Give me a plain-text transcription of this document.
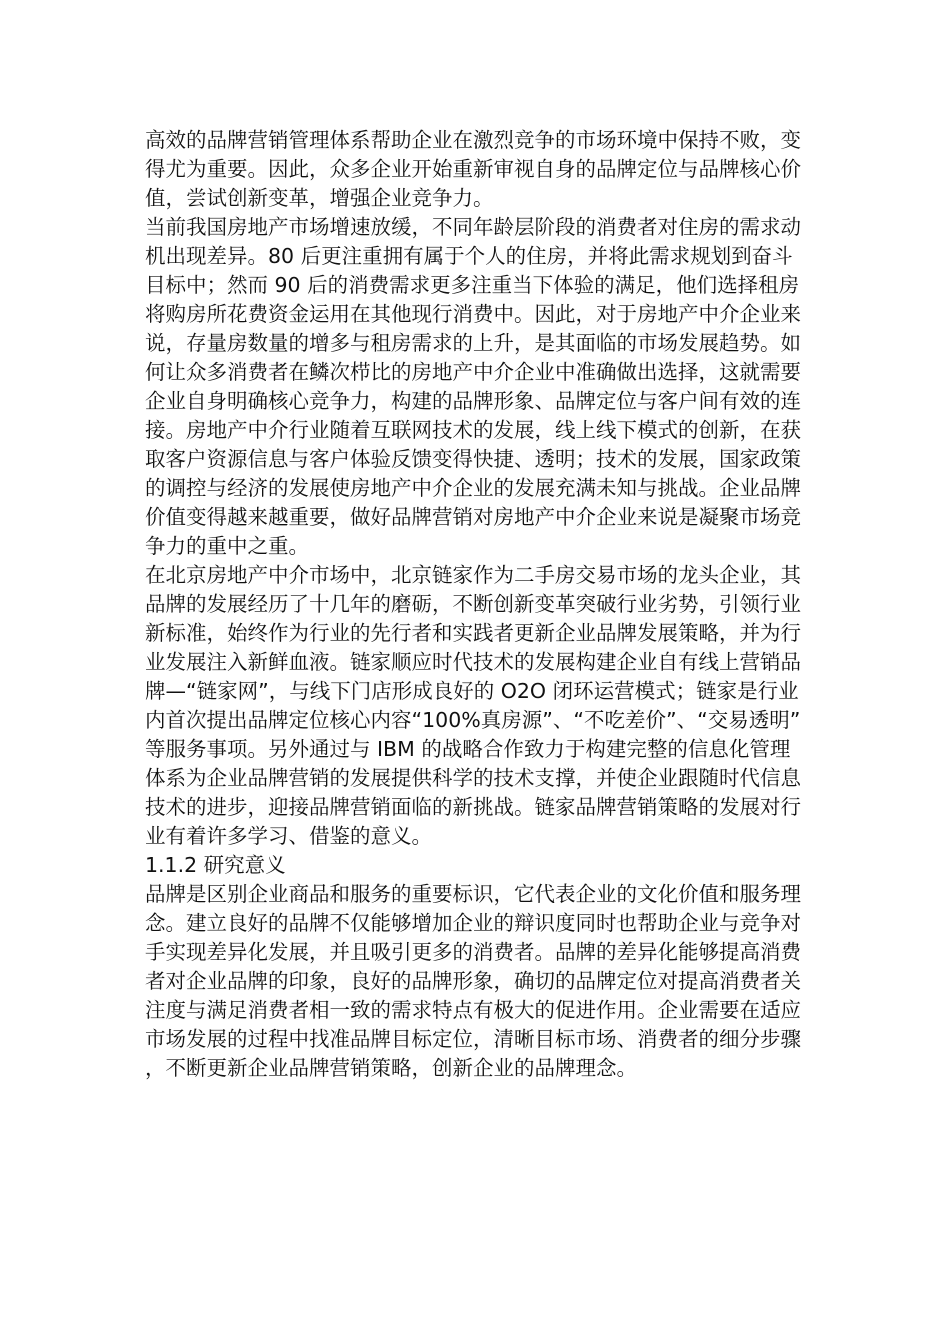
高效的品牌营销管理体系帮助企业在激烈竞争的市场环境中保持不败，变得尤为重要。因此，众多企业开始重新审视自身的品牌定位与品牌核心价值，尝试创新变革，增强企业竞争力。

当前我国房地产市场增速放缓，不同年龄层阶段的消费者对住房的需求动机出现差异。80 后更注重拥有属于个人的住房，并将此需求规划到奋斗目标中；然而 90 后的消费需求更多注重当下体验的满足，他们选择租房将购房所花费资金运用在其他现行消费中。因此，对于房地产中介企业来说，存量房数量的增多与租房需求的上升，是其面临的市场发展趋势。如何让众多消费者在鳞次栉比的房地产中介企业中准确做出选择，这就需要企业自身明确核心竞争力，构建的品牌形象、品牌定位与客户间有效的连接。房地产中介行业随着互联网技术的发展，线上线下模式的创新，在获取客户资源信息与客户体验反馈变得快捷、透明；技术的发展，国家政策的调控与经济的发展使房地产中介企业的发展充满未知与挑战。企业品牌价值变得越来越重要，做好品牌营销对房地产中介企业来说是凝聚市场竞争力的重中之重。

在北京房地产中介市场中，北京链家作为二手房交易市场的龙头企业，其品牌的发展经历了十几年的磨砺，不断创新变革突破行业劣势，引领行业新标准，始终作为行业的先行者和实践者更新企业品牌发展策略，并为行业发展注入新鲜血液。链家顺应时代技术的发展构建企业自有线上营销品牌—“链家网”，与线下门店形成良好的 O2O 闭环运营模式；链家是行业内首次提出品牌定位核心内容“100%真房源”、“不吃差价”、“交易透明”等服务事项。另外通过与 IBM 的战略合作致力于构建完整的信息化管理体系为企业品牌营销的发展提供科学的技术支撑，并使企业跟随时代信息技术的进步，迎接品牌营销面临的新挑战。链家品牌营销策略的发展对行业有着许多学习、借鉴的意义。

1.1.2 研究意义

品牌是区别企业商品和服务的重要标识，它代表企业的文化价值和服务理念。建立良好的品牌不仅能够增加企业的辩识度同时也帮助企业与竞争对手实现差异化发展，并且吸引更多的消费者。品牌的差异化能够提高消费者对企业品牌的印象，良好的品牌形象，确切的品牌定位对提高消费者关注度与满足消费者相一致的需求特点有极大的促进作用。企业需要在适应市场发展的过程中找准品牌目标定位，清晰目标市场、消费者的细分步骤，不断更新企业品牌营销策略，创新企业的品牌理念。
